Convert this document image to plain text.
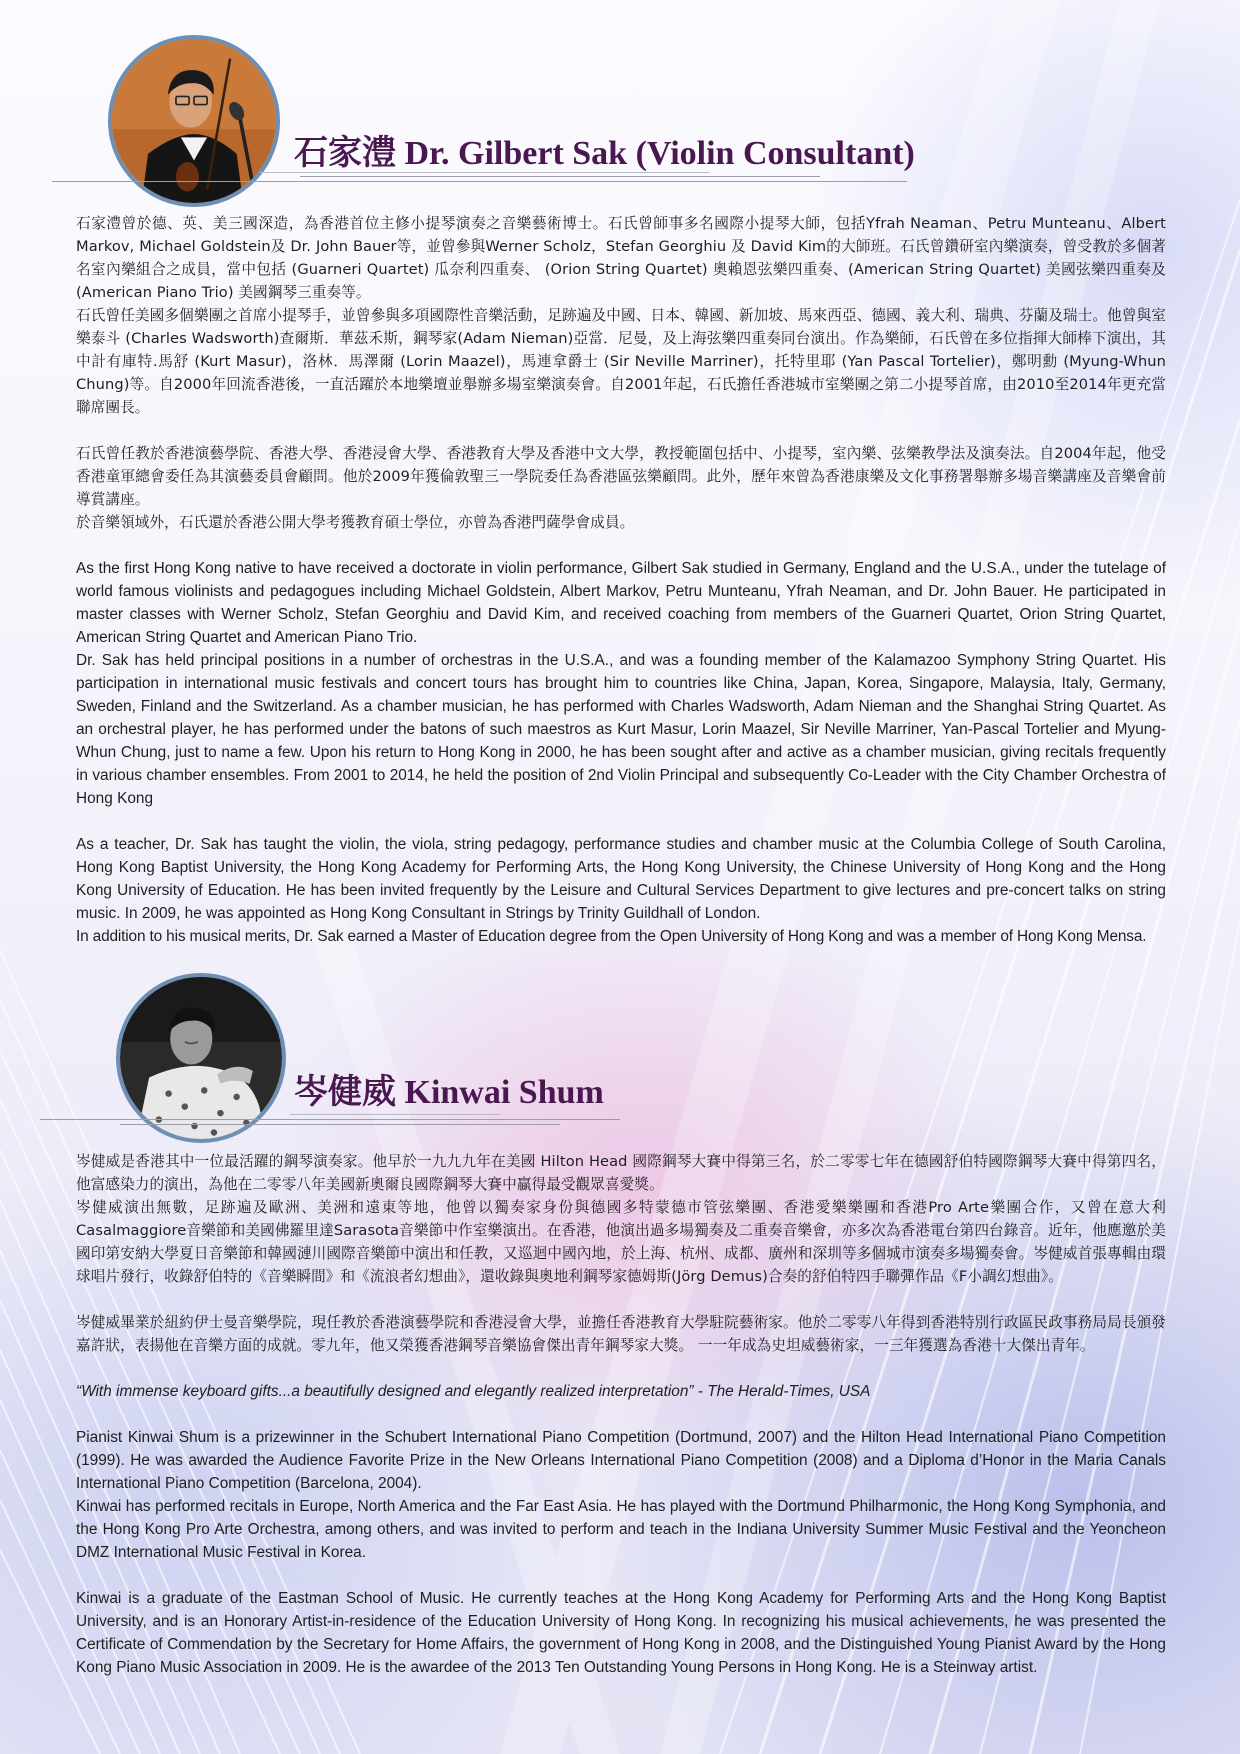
石家澧 Dr. Gilbert Sak (Violin Consultant)

石家澧曾於德、英、美三國深造，為香港首位主修小提琴演奏之音樂藝術博士。石氏曾師事多名國際小提琴大師，包括Yfrah Neaman、Petru Munteanu、Albert Markov, Michael Goldstein及 Dr. John Bauer等，並曾參與Werner Scholz，Stefan Georghiu 及 David Kim的大師班。石氏曾鑽研室內樂演奏，曾受教於多個著名室內樂組合之成員，當中包括 (Guarneri Quartet) 瓜奈利四重奏、 (Orion String Quartet) 奧賴恩弦樂四重奏、(American String Quartet) 美國弦樂四重奏及 (American Piano Trio) 美國鋼琴三重奏等。

石氏曾任美國多個樂團之首席小提琴手，並曾參與多項國際性音樂活動，足跡遍及中國、日本、韓國、新加坡、馬來西亞、德國、義大利、瑞典、芬蘭及瑞士。他曾與室樂泰斗 (Charles Wadsworth)查爾斯．華茲禾斯，鋼琴家(Adam Nieman)亞當．尼曼，及上海弦樂四重奏同台演出。作為樂師，石氏曾在多位指揮大師棒下演出，其中計有庫特.馬舒 (Kurt Masur)，洛林．馬澤爾 (Lorin Maazel)，馬連拿爵士 (Sir Neville Marriner)，托特里耶 (Yan Pascal Tortelier)，鄭明勳 (Myung-Whun Chung)等。自2000年回流香港後，一直活躍於本地樂壇並舉辦多場室樂演奏會。自2001年起，石氏擔任香港城市室樂團之第二小提琴首席，由2010至2014年更充當聯席團長。

石氏曾任教於香港演藝學院、香港大學、香港浸會大學、香港教育大學及香港中文大學，教授範圍包括中、小提琴，室內樂、弦樂教學法及演奏法。自2004年起，他受香港童軍總會委任為其演藝委員會顧問。他於2009年獲倫敦聖三一學院委任為香港區弦樂顧問。此外，歷年來曾為香港康樂及文化事務署舉辦多場音樂講座及音樂會前導賞講座。

於音樂領域外，石氏還於香港公開大學考獲教育碩士學位，亦曾為香港門薩學會成員。

As the first Hong Kong native to have received a doctorate in violin performance, Gilbert Sak studied in Germany, England and the U.S.A., under the tutelage of world famous violinists and pedagogues including Michael Goldstein, Albert Markov, Petru Munteanu, Yfrah Neaman, and Dr. John Bauer. He participated in master classes with Werner Scholz, Stefan Georghiu and David Kim, and received coaching from members of the Guarneri Quartet, Orion String Quartet, American String Quartet and American Piano Trio.

Dr. Sak has held principal positions in a number of orchestras in the U.S.A., and was a founding member of the Kalamazoo Symphony String Quartet. His participation in international music festivals and concert tours has brought him to countries like China, Japan, Korea, Singapore, Malaysia, Italy, Germany, Sweden, Finland and the Switzerland. As a chamber musician, he has performed with Charles Wadsworth, Adam Nieman and the Shanghai String Quartet. As an orchestral player, he has performed under the batons of such maestros as Kurt Masur, Lorin Maazel, Sir Neville Marriner, Yan-Pascal Tortelier and Myung-Whun Chung, just to name a few. Upon his return to Hong Kong in 2000, he has been sought after and active as a chamber musician, giving recitals frequently in various chamber ensembles. From 2001 to 2014, he held the position of 2nd Violin Principal and subsequently Co-Leader with the City Chamber Orchestra of Hong Kong

As a teacher, Dr. Sak has taught the violin, the viola, string pedagogy, performance studies and chamber music at the Columbia College of South Carolina, Hong Kong Baptist University, the Hong Kong Academy for Performing Arts, the Hong Kong University, the Chinese University of Hong Kong and the Hong Kong University of Education. He has been invited frequently by the Leisure and Cultural Services Department to give lectures and pre-concert talks on string music. In 2009, he was appointed as Hong Kong Consultant in Strings by Trinity Guildhall of London.

In addition to his musical merits, Dr. Sak earned a Master of Education degree from the Open University of Hong Kong and was a member of Hong Kong Mensa.

岑健威 Kinwai Shum

岑健威是香港其中一位最活躍的鋼琴演奏家。他早於一九九九年在美國 Hilton Head 國際鋼琴大賽中得第三名，於二零零七年在德國舒伯特國際鋼琴大賽中得第四名，他富感染力的演出，為他在二零零八年美國新奧爾良國際鋼琴大賽中贏得最受觀眾喜愛獎。

岑健威演出無數，足跡遍及歐洲、美洲和遠東等地，他曾以獨奏家身份與德國多特蒙德市管弦樂團、香港愛樂樂團和香港Pro Arte樂團合作，又曾在意大利Casalmaggiore音樂節和美國佛羅里達Sarasota音樂節中作室樂演出。在香港，他演出過多場獨奏及二重奏音樂會，亦多次為香港電台第四台錄音。近年，他應邀於美國印第安納大學夏日音樂節和韓國漣川國際音樂節中演出和任教，又巡迴中國內地，於上海、杭州、成都、廣州和深圳等多個城市演奏多場獨奏會。岑健威首張專輯由環球唱片發行，收錄舒伯特的《音樂瞬間》和《流浪者幻想曲》，還收錄與奧地利鋼琴家德姆斯(Jörg Demus)合奏的舒伯特四手聯彈作品《F小調幻想曲》。

岑健威畢業於紐約伊士曼音樂學院，現任教於香港演藝學院和香港浸會大學，並擔任香港教育大學駐院藝術家。他於二零零八年得到香港特別行政區民政事務局局長頒發嘉許狀，表揚他在音樂方面的成就。零九年，他又榮獲香港鋼琴音樂協會傑出青年鋼琴家大獎。 一一年成為史坦威藝術家，一三年獲選為香港十大傑出青年。

“With immense keyboard gifts...a beautifully designed and elegantly realized interpretation” - The Herald-Times, USA

Pianist Kinwai Shum is a prizewinner in the Schubert International Piano Competition (Dortmund, 2007) and the Hilton Head International Piano Competition (1999). He was awarded the Audience Favorite Prize in the New Orleans International Piano Competition (2008) and a Diploma d’Honor in the Maria Canals International Piano Competition (Barcelona, 2004).

Kinwai has performed recitals in Europe, North America and the Far East Asia. He has played with the Dortmund Philharmonic, the Hong Kong Symphonia, and the Hong Kong Pro Arte Orchestra, among others, and was invited to perform and teach in the Indiana University Summer Music Festival and the Yeoncheon DMZ International Music Festival in Korea.

Kinwai is a graduate of the Eastman School of Music. He currently teaches at the Hong Kong Academy for Performing Arts and the Hong Kong Baptist University, and is an Honorary Artist-in-residence of the Education University of Hong Kong. In recognizing his musical achievements, he was presented the Certificate of Commendation by the Secretary for Home Affairs, the government of Hong Kong in 2008, and the Distinguished Young Pianist Award by the Hong Kong Piano Music Association in 2009. He is the awardee of the 2013 Ten Outstanding Young Persons in Hong Kong. He is a Steinway artist.
